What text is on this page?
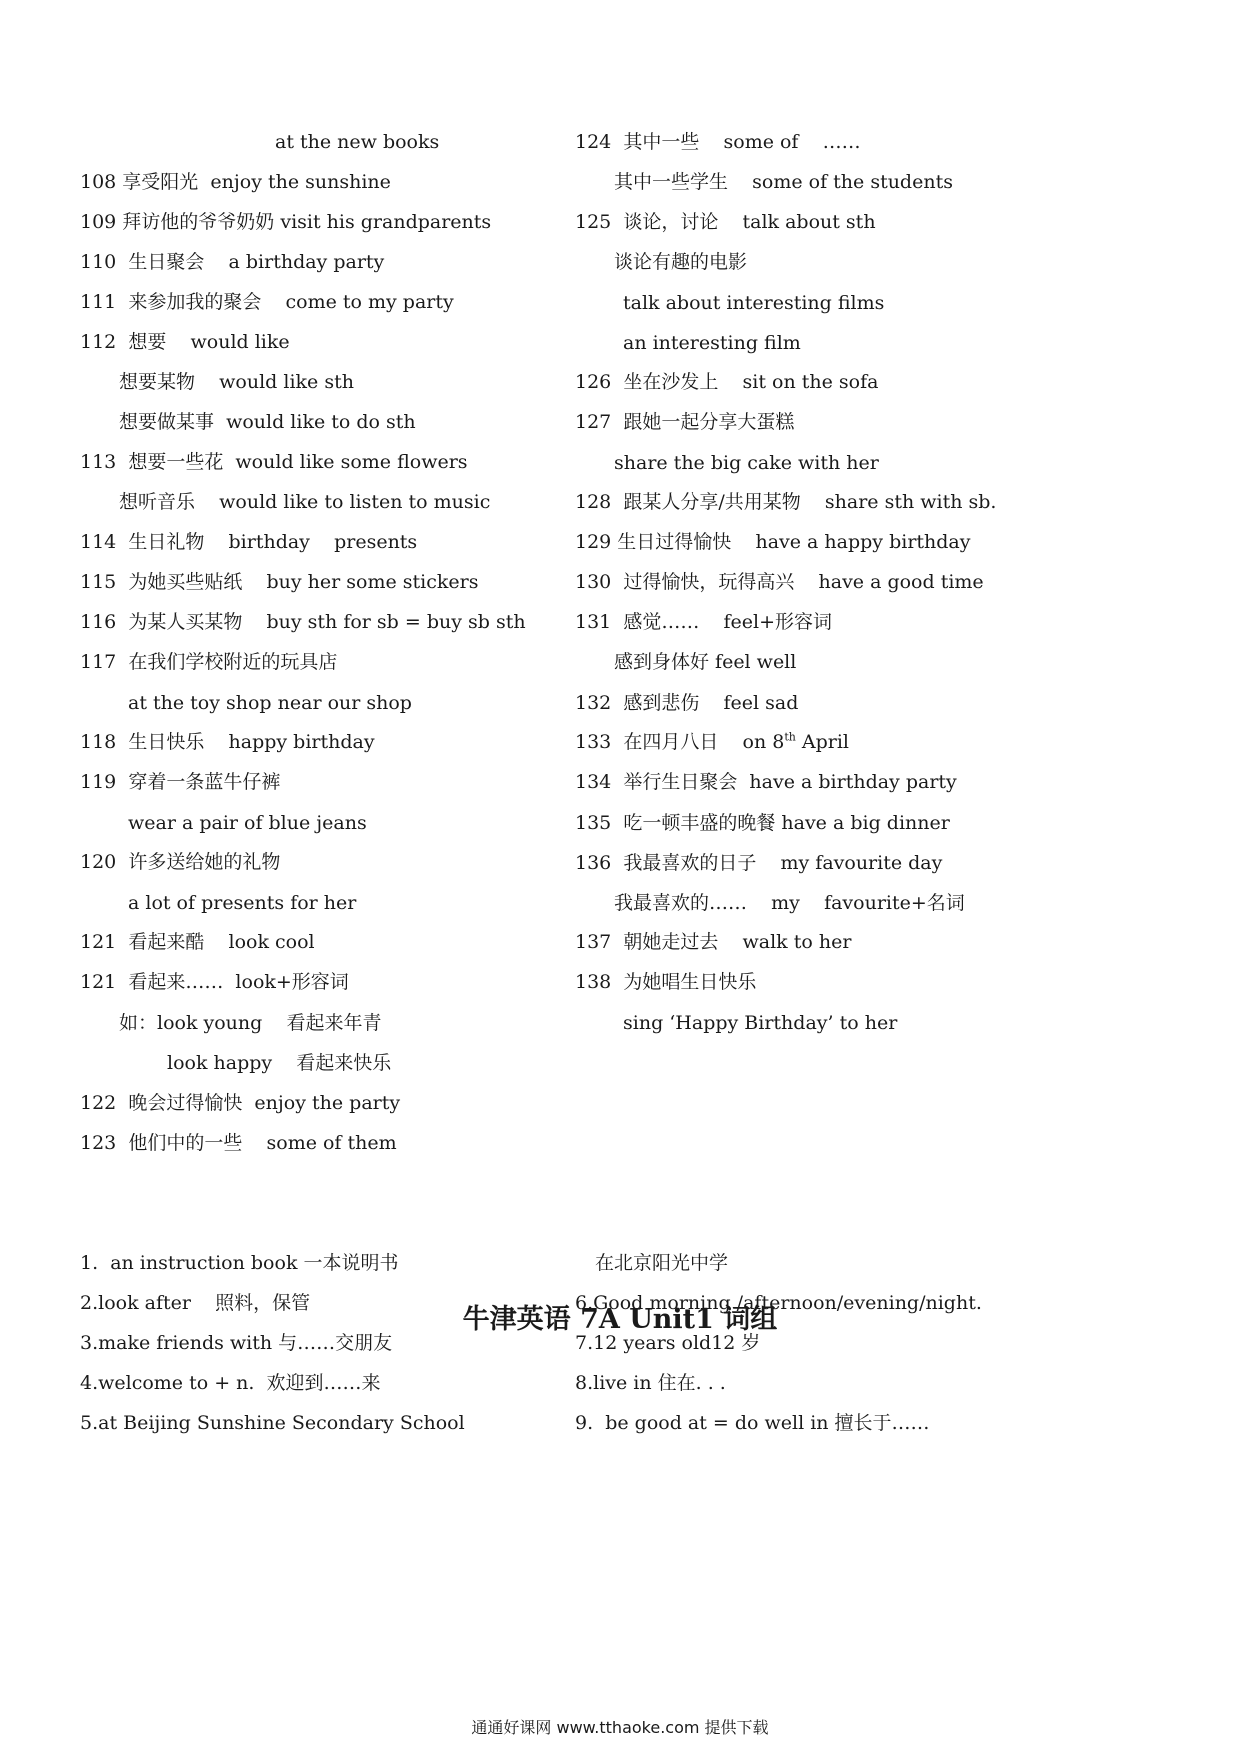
at the new books
108 享受阳光  enjoy the sunshine
109 拜访他的爷爷奶奶 visit his grandparents
110  生日聚会    a birthday party
111  来参加我的聚会    come to my party
112  想要    would like
想要某物    would like sth
想要做某事  would like to do sth
113  想要一些花  would like some flowers
想听音乐    would like to listen to music
114  生日礼物    birthday    presents
115  为她买些贴纸    buy her some stickers
116  为某人买某物    buy sth for sb = buy sb sth
117  在我们学校附近的玩具店
at the toy shop near our shop
118  生日快乐    happy birthday
119  穿着一条蓝牛仔裤
wear a pair of blue jeans
120  许多送给她的礼物
a lot of presents for her
121  看起来酷    look cool
121  看起来……  look+形容词
如：look young    看起来年青
look happy    看起来快乐
122  晚会过得愉快  enjoy the party
123  他们中的一些    some of them
124  其中一些    some of    ……
其中一些学生    some of the students
125  谈论，讨论    talk about sth
谈论有趣的电影
talk about interesting films
an interesting film
126  坐在沙发上    sit on the sofa
127  跟她一起分享大蛋糕
share the big cake with her
128  跟某人分享/共用某物    share sth with sb.
129 生日过得愉快    have a happy birthday
130  过得愉快，玩得高兴    have a good time
131  感觉……    feel+形容词
感到身体好 feel well
132  感到悲伤    feel sad
133  在四月八日    on 8th April
134  举行生日聚会  have a birthday party
135  吃一顿丰盛的晚餐 have a big dinner
136  我最喜欢的日子    my favourite day
我最喜欢的……    my    favourite+名词
137  朝她走过去    walk to her
138  为她唱生日快乐
sing ‘Happy Birthday’ to her
牛津英语 7A Unit1 词组
1.  an instruction book 一本说明书
2.look after    照料，保管
3.make friends with 与……交朋友
4.welcome to + n.  欢迎到……来
5.at Beijing Sunshine Secondary School
在北京阳光中学
6.Good morning /afternoon/evening/night.
7.12 years old12 岁
8.live in 住在. . .
9.  be good at = do well in 擅长于……
通通好课网 www.tthaoke.com 提供下载
